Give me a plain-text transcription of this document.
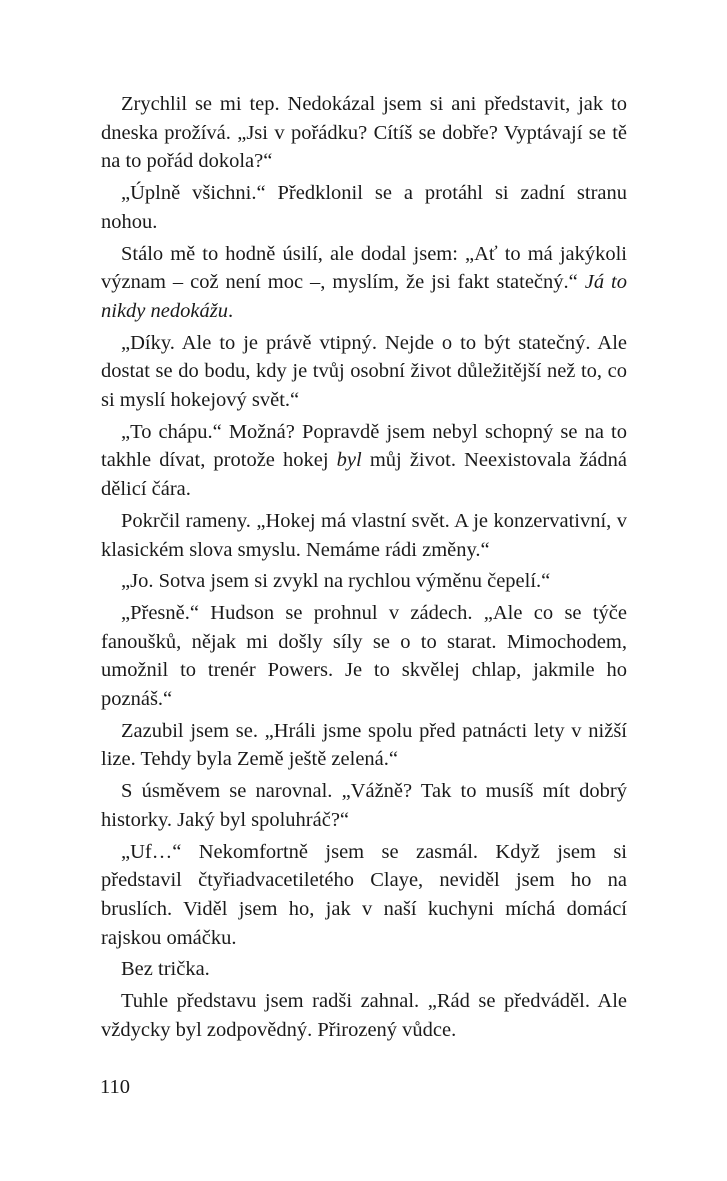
Zrychlil se mi tep. Nedokázal jsem si ani představit, jak to dneska prožívá. „Jsi v pořádku? Cítíš se dobře? Vyptávají se tě na to pořád dokola?“

„Úplně všichni.“ Předklonil se a protáhl si zadní stranu nohou.

Stálo mě to hodně úsilí, ale dodal jsem: „Ať to má jakýkoli význam – což není moc –, myslím, že jsi fakt statečný.“ Já to nikdy nedokážu.

„Díky. Ale to je právě vtipný. Nejde o to být statečný. Ale dostat se do bodu, kdy je tvůj osobní život důležitější než to, co si myslí hokejový svět.“

„To chápu.“ Možná? Popravdě jsem nebyl schopný se na to takhle dívat, protože hokej byl můj život. Neexistovala žádná dělicí čára.

Pokrčil rameny. „Hokej má vlastní svět. A je konzervativní, v klasickém slova smyslu. Nemáme rádi změny.“

„Jo. Sotva jsem si zvykl na rychlou výměnu čepelí.“

„Přesně.“ Hudson se prohnul v zádech. „Ale co se týče fanoušků, nějak mi došly síly se o to starat. Mimochodem, umožnil to trenér Powers. Je to skvělej chlap, jakmile ho poznáš.“

Zazubil jsem se. „Hráli jsme spolu před patnácti lety v nižší lize. Tehdy byla Země ještě zelená.“

S úsměvem se narovnal. „Vážně? Tak to musíš mít dobrý historky. Jaký byl spoluhráč?“

„Uf…“ Nekomfortně jsem se zasmál. Když jsem si představil čtyřiadvacetiletého Claye, neviděl jsem ho na bruslích. Viděl jsem ho, jak v naší kuchyni míchá domácí rajskou omáčku.

Bez trička.

Tuhle představu jsem radši zahnal. „Rád se předváděl. Ale vždycky byl zodpovědný. Přirozený vůdce.

110
